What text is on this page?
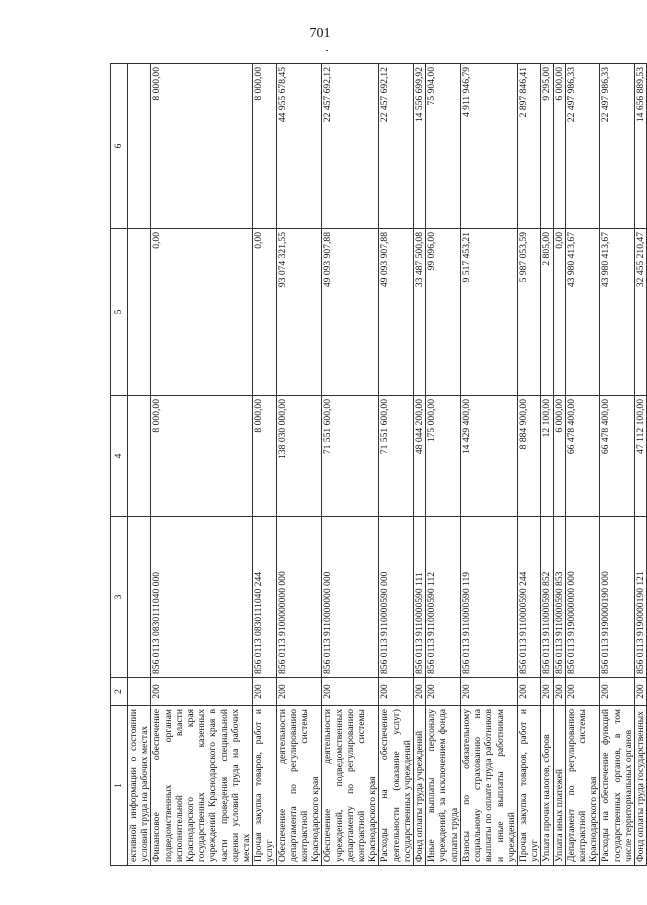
701
1	2	3	4	5	6
ективной информации о состоянии условий труда на рабочих местах					
Финансовое обеспечение подведомственных органам исполнительной власти Краснодарского края государственных казенных учреждений Краснодарского края в части проведения специальной оценки условий труда на рабочих местах	200	856 0113 0830111040 000	8 000,00	0,00	8 000,00
Прочая закупка товаров, работ и услуг	200	856 0113 0830111040 244	8 000,00	0,00	8 000,00
Обеспечение деятельности департамента по регулированию контрактной системы Краснодарского края	200	856 0113 9100000000 000	138 030 000,00	93 074 321,55	44 955 678,45
Обеспечение деятельности учреждений, подведомственных департаменту по регулированию контрактной системы Краснодарского края	200	856 0113 9110000000 000	71 551 600,00	49 093 907,88	22 457 692,12
Расходы на обеспечение деятельности (оказание услуг) государственных учреждений	200	856 0113 9110000590 000	71 551 600,00	49 093 907,88	22 457 692,12
Фонд оплаты труда учреждений	200	856 0113 9110000590 111	48 044 200,00	33 487 500,08	14 556 699,92
Иные выплаты персоналу учреждений, за исключением фонда оплаты труда	200	856 0113 9110000590 112	175 000,00	99 096,00	75 904,00
Взносы по обязательному социальному страхованию на выплаты по оплате труда работников и иные выплаты работникам учреждений	200	856 0113 9110000590 119	14 429 400,00	9 517 453,21	4 911 946,79
Прочая закупка товаров, работ и услуг	200	856 0113 9110000590 244	8 884 900,00	5 987 053,59	2 897 846,41
Уплата прочих налогов, сборов	200	856 0113 9110000590 852	12 100,00	2 805,00	9 295,00
Уплата иных платежей	200	856 0113 9110000590 853	6 000,00	0,00	6 000,00
Департамент по регулированию контрактной системы Краснодарского края	200	856 0113 9190000000 000	66 478 400,00	43 980 413,67	22 497 986,33
Расходы на обеспечение функций государственных органов, в том числе территориальных органов	200	856 0113 9190000190 000	66 478 400,00	43 980 413,67	22 497 986,33
Фонд оплаты труда государственных	200	856 0113 9190000190 121	47 112 100,00	32 455 210,47	14 656 889,53
